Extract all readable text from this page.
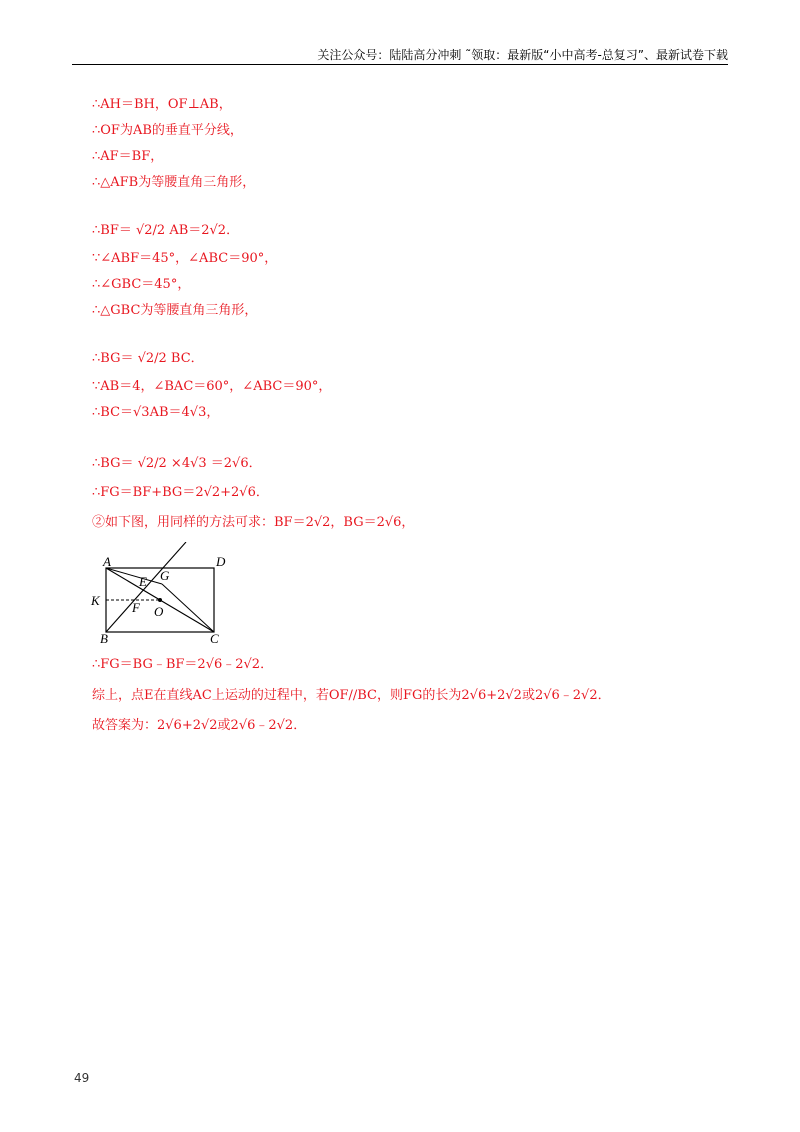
关注公众号：陆陆高分冲刺 ˜领取：最新版“小中高考-总复习”、最新试卷下载
∴AH＝BH，OF⊥AB，
∴OF为AB的垂直平分线，
∴AF＝BF，
∴△AFB为等腰直角三角形，
∴BF＝ √2/2 AB＝2√2．
∵∠ABF＝45°，∠ABC＝90°，
∴∠GBC＝45°，
∴△GBC为等腰直角三角形，
∴BG＝ √2/2 BC．
∵AB＝4，∠BAC＝60°，∠ABC＝90°，
∴BC＝√3AB＝4√3，
∴BG＝ √2/2 ×4√3 ＝2√6．
∴FG＝BF+BG＝2√2+2√6．
②如下图，用同样的方法可求：BF＝2√2，BG＝2√6，
A	D
E G
K F O
B	C
∴FG＝BG﹣BF＝2√6﹣2√2．
综上，点E在直线AC上运动的过程中，若OF//BC，则FG的长为2√6+2√2或2√6﹣2√2．
故答案为：2√6+2√2或2√6﹣2√2．
49
